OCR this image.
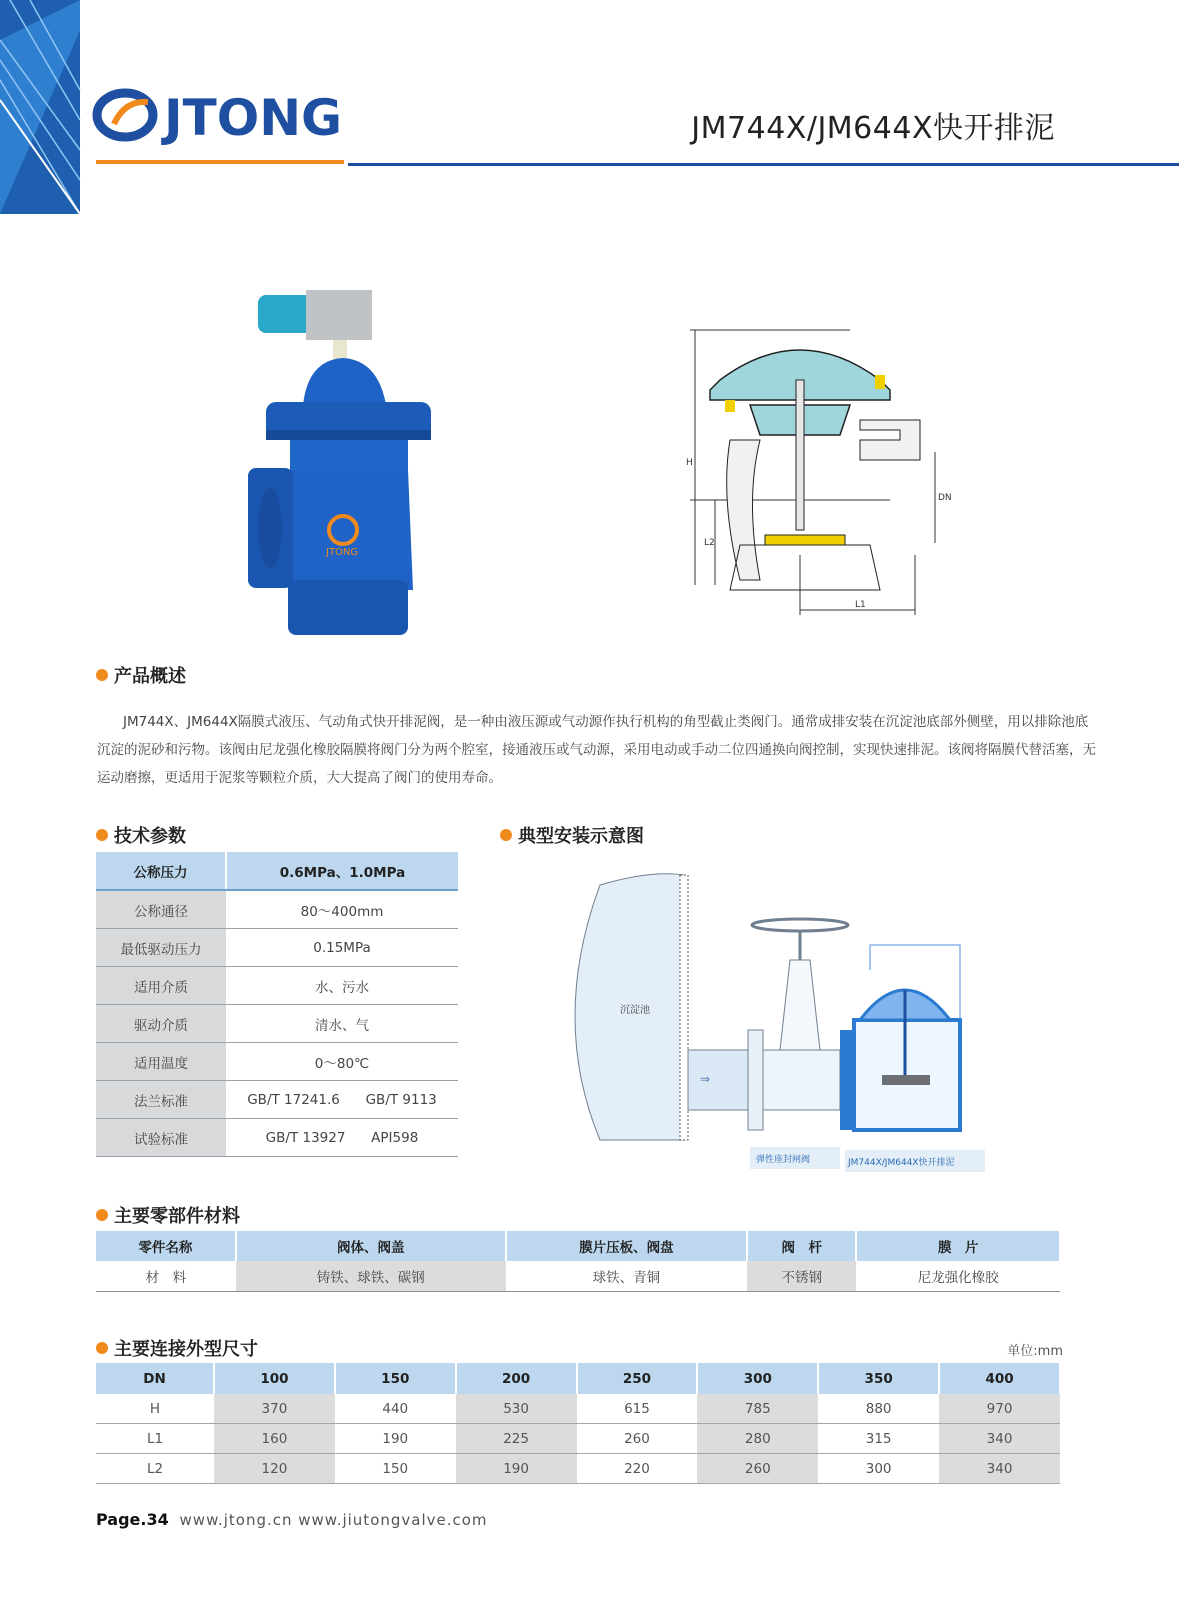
JTONG	JM744X/JM644X快开排泥
JTONG
H
DN
L2
L1
产品概述
JM744X、JM644X隔膜式液压、气动角式快开排泥阀，是一种由液压源或气动源作执行机构的角型截止类阀门。通常成排安装在沉淀池底部外侧壁，用以排除池底沉淀的泥砂和污物。该阀由尼龙强化橡胶隔膜将阀门分为两个腔室，接通液压或气动源，采用电动或手动二位四通换向阀控制，实现快速排泥。该阀将隔膜代替活塞，无运动磨擦，更适用于泥浆等颗粒介质，大大提高了阀门的使用寿命。
技术参数
公称压力	0.6MPa、1.0MPa
公称通径	80～400mm
最低驱动压力	0.15MPa
适用介质	水、污水
驱动介质	清水、气
适用温度	0～80℃
法兰标准	GB/T 17241.6      GB/T 9113
试验标准	GB/T 13927      API598
典型安装示意图
沉淀池
⇒
弹性座封闸阀	JM744X/JM644X快开排泥
主要零部件材料
零件名称	阀体、阀盖	膜片压板、阀盘	阀　杆	膜　片
材　料	铸铁、球铁、碳钢	球铁、青铜	不锈钢	尼龙强化橡胶
主要连接外型尺寸	单位:mm
DN	100	150	200	250	300	350	400
H	370	440	530	615	785	880	970
L1	160	190	225	260	280	315	340
L2	120	150	190	220	260	300	340
Page.34 www.jtong.cn www.jiutongvalve.com
